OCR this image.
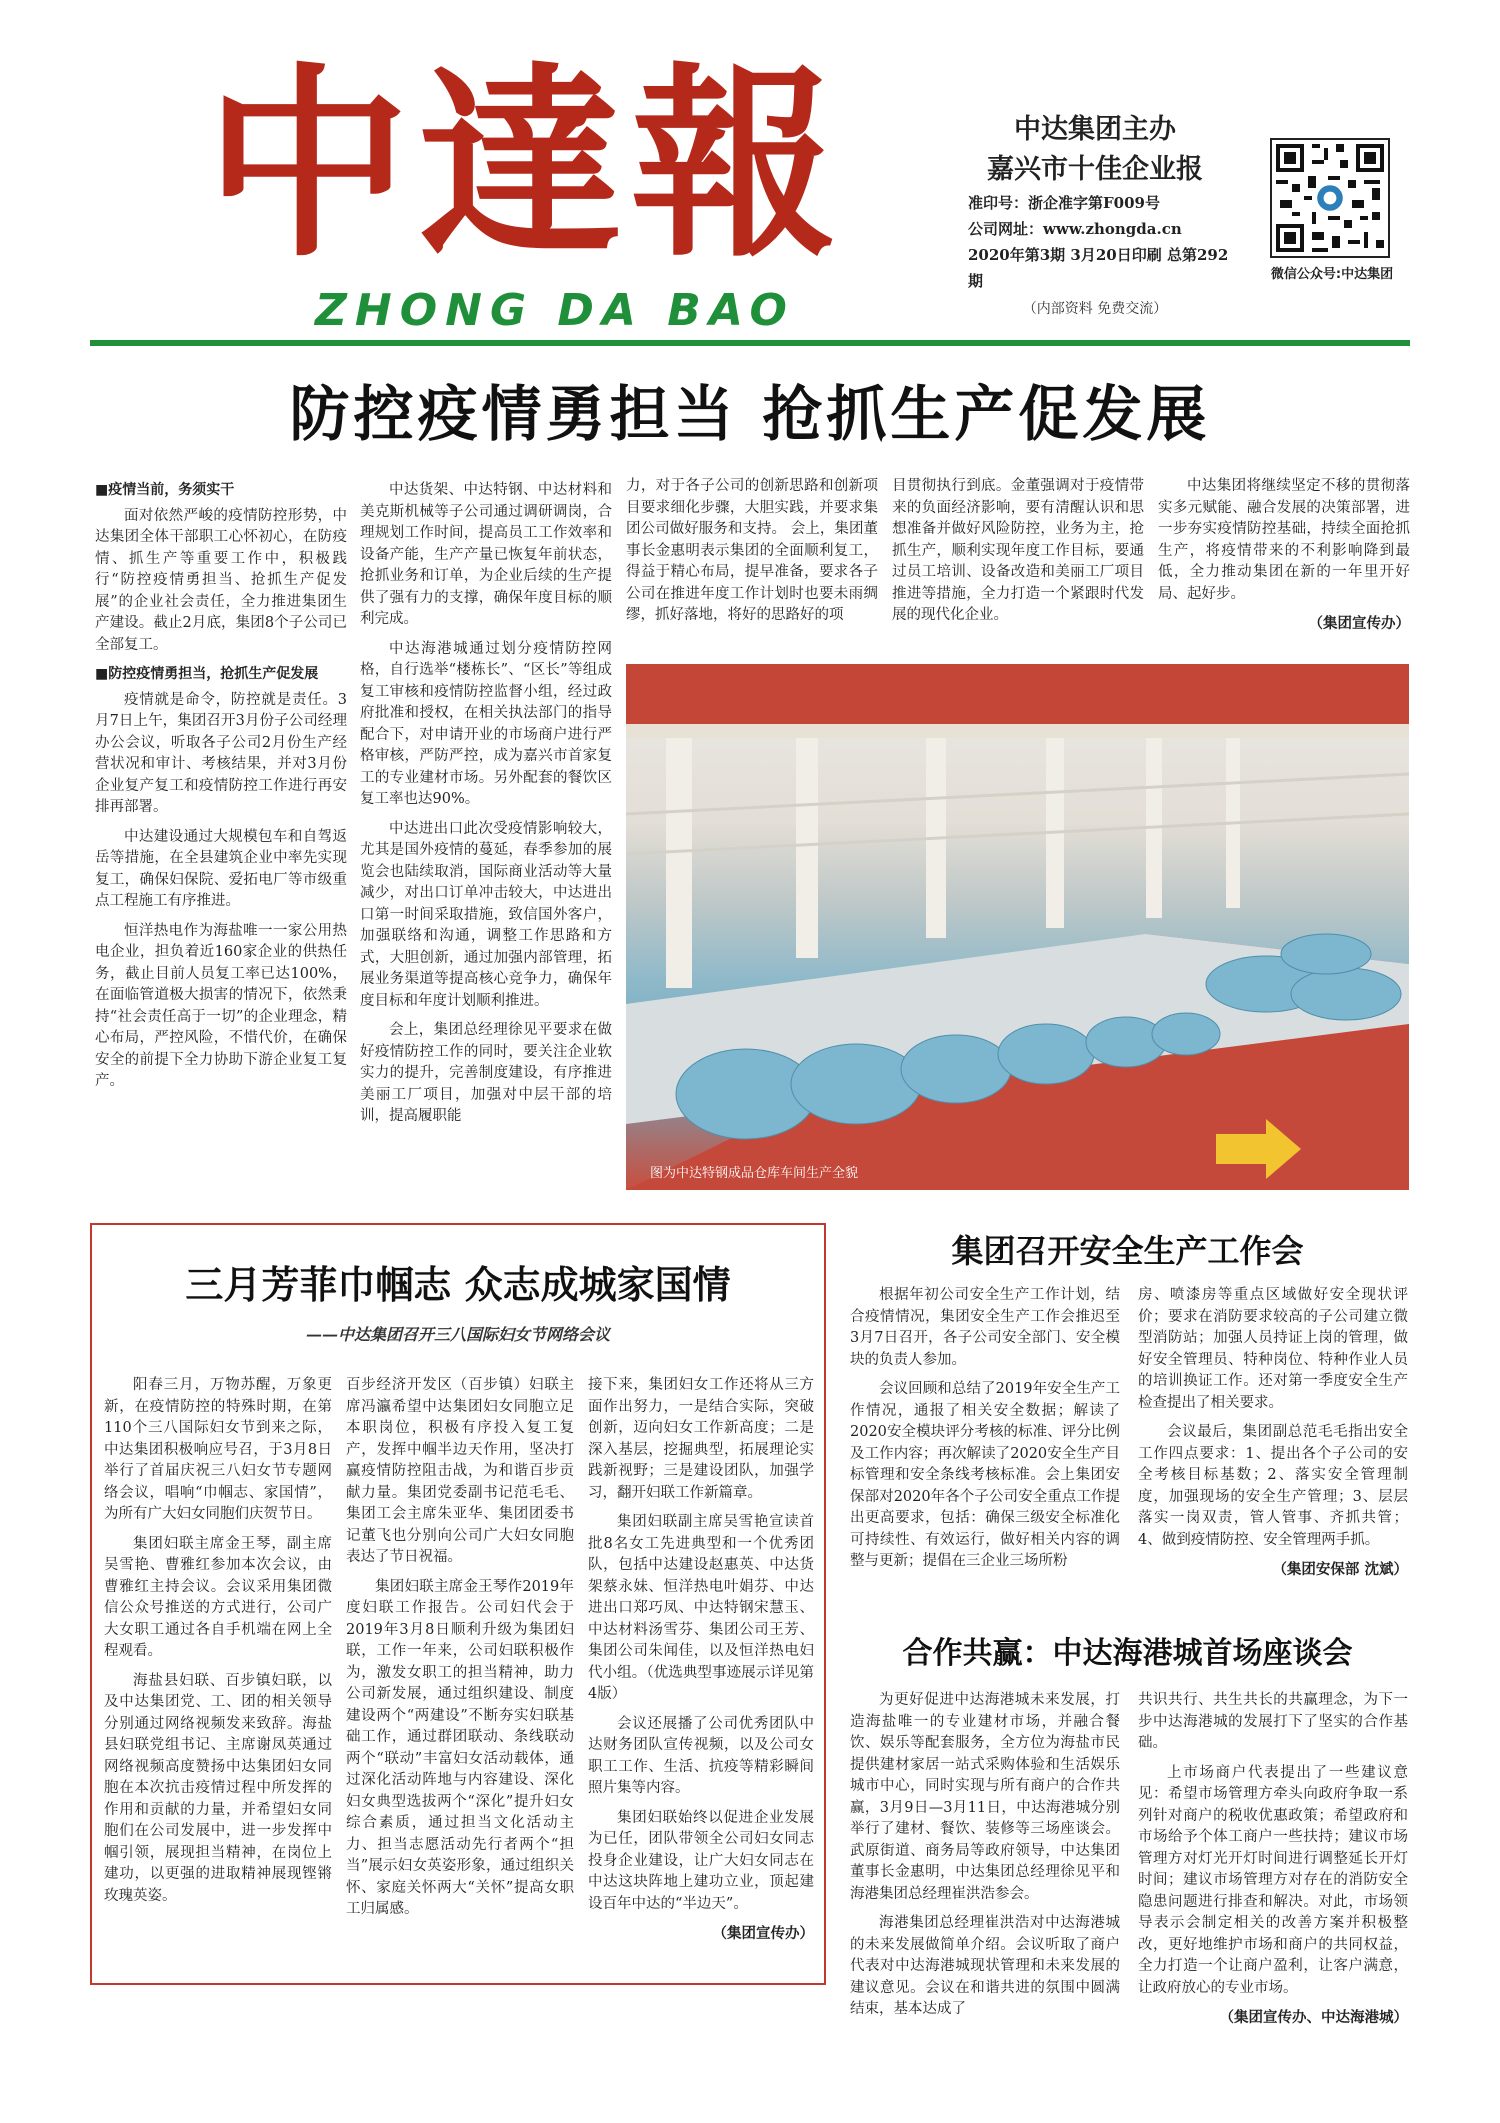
中達報
ZHONG DA BAO
中达集团主办
嘉兴市十佳企业报
准印号：浙企准字第F009号
公司网址：www.zhongda.cn
2020年第3期 3月20日印刷 总第292期
（内部资料 免费交流）
微信公众号:中达集团
防控疫情勇担当 抢抓生产促发展

■疫情当前，务须实干

面对依然严峻的疫情防控形势，中达集团全体干部职工心怀初心，在防疫情、抓生产等重要工作中，积极践行“防控疫情勇担当、抢抓生产促发展”的企业社会责任，全力推进集团生产建设。截止2月底，集团8个子公司已全部复工。

■防控疫情勇担当，抢抓生产促发展

疫情就是命令，防控就是责任。3月7日上午，集团召开3月份子公司经理办公会议，听取各子公司2月份生产经营状况和审计、考核结果，并对3月份企业复产复工和疫情防控工作进行再安排再部署。

中达建设通过大规模包车和自驾返岳等措施，在全县建筑企业中率先实现复工，确保妇保院、爱拓电厂等市级重点工程施工有序推进。

恒洋热电作为海盐唯一一家公用热电企业，担负着近160家企业的供热任务，截止目前人员复工率已达100%，在面临管道极大损害的情况下，依然秉持“社会责任高于一切”的企业理念，精心布局，严控风险，不惜代价，在确保安全的前提下全力协助下游企业复工复产。

中达货架、中达特钢、中达材料和美克斯机械等子公司通过调研调岗，合理规划工作时间，提高员工工作效率和设备产能，生产产量已恢复年前状态，抢抓业务和订单，为企业后续的生产提供了强有力的支撑，确保年度目标的顺利完成。

中达海港城通过划分疫情防控网格，自行选举“楼栋长”、“区长”等组成复工审核和疫情防控监督小组，经过政府批准和授权，在相关执法部门的指导配合下，对申请开业的市场商户进行严格审核，严防严控，成为嘉兴市首家复工的专业建材市场。另外配套的餐饮区复工率也达90%。

中达进出口此次受疫情影响较大，尤其是国外疫情的蔓延，春季参加的展览会也陆续取消，国际商业活动等大量减少，对出口订单冲击较大，中达进出口第一时间采取措施，致信国外客户，加强联络和沟通，调整工作思路和方式，大胆创新，通过加强内部管理，拓展业务渠道等提高核心竞争力，确保年度目标和年度计划顺利推进。

会上，集团总经理徐见平要求在做好疫情防控工作的同时，要关注企业软实力的提升，完善制度建设，有序推进美丽工厂项目，加强对中层干部的培训，提高履职能

力，对于各子公司的创新思路和创新项目要求细化步骤，大胆实践，并要求集团公司做好服务和支持。 会上，集团董事长金惠明表示集团的全面顺利复工，得益于精心布局，提早准备，要求各子公司在推进年度工作计划时也要未雨绸缪，抓好落地，将好的思路好的项

目贯彻执行到底。金董强调对于疫情带来的负面经济影响，要有清醒认识和思想准备并做好风险防控，业务为主，抢抓生产，顺利实现年度工作目标，要通过员工培训、设备改造和美丽工厂项目推进等措施，全力打造一个紧跟时代发展的现代化企业。

中达集团将继续坚定不移的贯彻落实多元赋能、融合发展的决策部署，进一步夯实疫情防控基础，持续全面抢抓生产，将疫情带来的不利影响降到最低，全力推动集团在新的一年里开好局、起好步。

（集团宣传办）

图为中达特钢成品仓库车间生产全貌
三月芳菲巾帼志 众志成城家国情
——中达集团召开三八国际妇女节网络会议

阳春三月，万物苏醒，万象更新，在疫情防控的特殊时期，在第110个三八国际妇女节到来之际，中达集团积极响应号召，于3月8日举行了首届庆祝三八妇女节专题网络会议，唱响“巾帼志、家国情”，为所有广大妇女同胞们庆贺节日。

集团妇联主席金王琴，副主席吴雪艳、曹雅红参加本次会议，由曹雅红主持会议。会议采用集团微信公众号推送的方式进行，公司广大女职工通过各自手机端在网上全程观看。

海盐县妇联、百步镇妇联，以及中达集团党、工、团的相关领导分别通过网络视频发来致辞。海盐县妇联党组书记、主席谢凤英通过网络视频高度赞扬中达集团妇女同胞在本次抗击疫情过程中所发挥的作用和贡献的力量，并希望妇女同胞们在公司发展中，进一步发挥中帼引领，展现担当精神，在岗位上建功，以更强的进取精神展现铿锵玫瑰英姿。

百步经济开发区（百步镇）妇联主席冯瀛希望中达集团妇女同胞立足本职岗位，积极有序投入复工复产，发挥中帼半边天作用，坚决打赢疫情防控阻击战，为和谐百步贡献力量。集团党委副书记范毛毛、集团工会主席朱亚华、集团团委书记董飞也分别向公司广大妇女同胞表达了节日祝福。

集团妇联主席金王琴作2019年度妇联工作报告。公司妇代会于2019年3月8日顺利升级为集团妇联，工作一年来，公司妇联积极作为，激发女职工的担当精神，助力公司新发展，通过组织建设、制度建设两个“两建设”不断夯实妇联基础工作，通过群团联动、条线联动两个“联动”丰富妇女活动载体，通过深化活动阵地与内容建设、深化妇女典型选拔两个“深化”提升妇女综合素质，通过担当文化活动主力、担当志愿活动先行者两个“担当”展示妇女英姿形象，通过组织关怀、家庭关怀两大“关怀”提高女职工归属感。

接下来，集团妇女工作还将从三方面作出努力，一是结合实际，突破创新，迈向妇女工作新高度；二是深入基层，挖掘典型，拓展理论实践新视野；三是建设团队，加强学习，翻开妇联工作新篇章。

集团妇联副主席吴雪艳宣读首批8名女工先进典型和一个优秀团队，包括中达建设赵惠英、中达货架蔡永妹、恒洋热电叶娟芬、中达进出口郑巧凤、中达特钢宋慧玉、中达材料汤雪芬、集团公司王芳、集团公司朱闻佳，以及恒洋热电妇代小组。（优选典型事迹展示详见第4版）

会议还展播了公司优秀团队中达财务团队宣传视频，以及公司女职工工作、生活、抗疫等精彩瞬间照片集等内容。

集团妇联始终以促进企业发展为已任，团队带领全公司妇女同志投身企业建设，让广大妇女同志在中达这块阵地上建功立业，顶起建设百年中达的“半边天”。

（集团宣传办）

集团召开安全生产工作会

根据年初公司安全生产工作计划，结合疫情情况，集团安全生产工作会推迟至3月7日召开，各子公司安全部门、安全模块的负责人参加。

会议回顾和总结了2019年安全生产工作情况，通报了相关安全数据；解读了2020安全模块评分考核的标准、评分比例及工作内容；再次解读了2020安全生产目标管理和安全条线考核标准。会上集团安保部对2020年各个子公司安全重点工作提出更高要求，包括：确保三级安全标准化可持续性、有效运行，做好相关内容的调整与更新；提倡在三企业三场所粉

房、喷漆房等重点区域做好安全现状评价；要求在消防要求较高的子公司建立微型消防站；加强人员持证上岗的管理，做好安全管理员、特种岗位、特种作业人员的培训换证工作。还对第一季度安全生产检查提出了相关要求。

会议最后，集团副总范毛毛指出安全工作四点要求：1、提出各个子公司的安全考核目标基数；2、落实安全管理制度，加强现场的安全生产管理；3、层层落实一岗双责，管人管事、齐抓共管；4、做到疫情防控、安全管理两手抓。

（集团安保部 沈斌）

合作共赢：中达海港城首场座谈会

为更好促进中达海港城未来发展，打造海盐唯一的专业建材市场，并融合餐饮、娱乐等配套服务，全方位为海盐市民提供建材家居一站式采购体验和生活娱乐城市中心，同时实现与所有商户的合作共赢，3月9日—3月11日，中达海港城分别举行了建材、餐饮、装修等三场座谈会。武原街道、商务局等政府领导，中达集团董事长金惠明，中达集团总经理徐见平和海港集团总经理崔洪浩参会。

海港集团总经理崔洪浩对中达海港城的未来发展做简单介绍。会议听取了商户代表对中达海港城现状管理和未来发展的建议意见。会议在和谐共进的氛围中圆满结束，基本达成了

共识共行、共生共长的共赢理念，为下一步中达海港城的发展打下了坚实的合作基础。

上市场商户代表提出了一些建议意见：希望市场管理方牵头向政府争取一系列针对商户的税收优惠政策；希望政府和市场给予个体工商户一些扶持；建议市场管理方对灯光开灯时间进行调整延长开灯时间；建议市场管理方对存在的消防安全隐患问题进行排查和解决。对此，市场领导表示会制定相关的改善方案并积极整改，更好地维护市场和商户的共同权益，全力打造一个让商户盈利，让客户满意，让政府放心的专业市场。

（集团宣传办、中达海港城）
